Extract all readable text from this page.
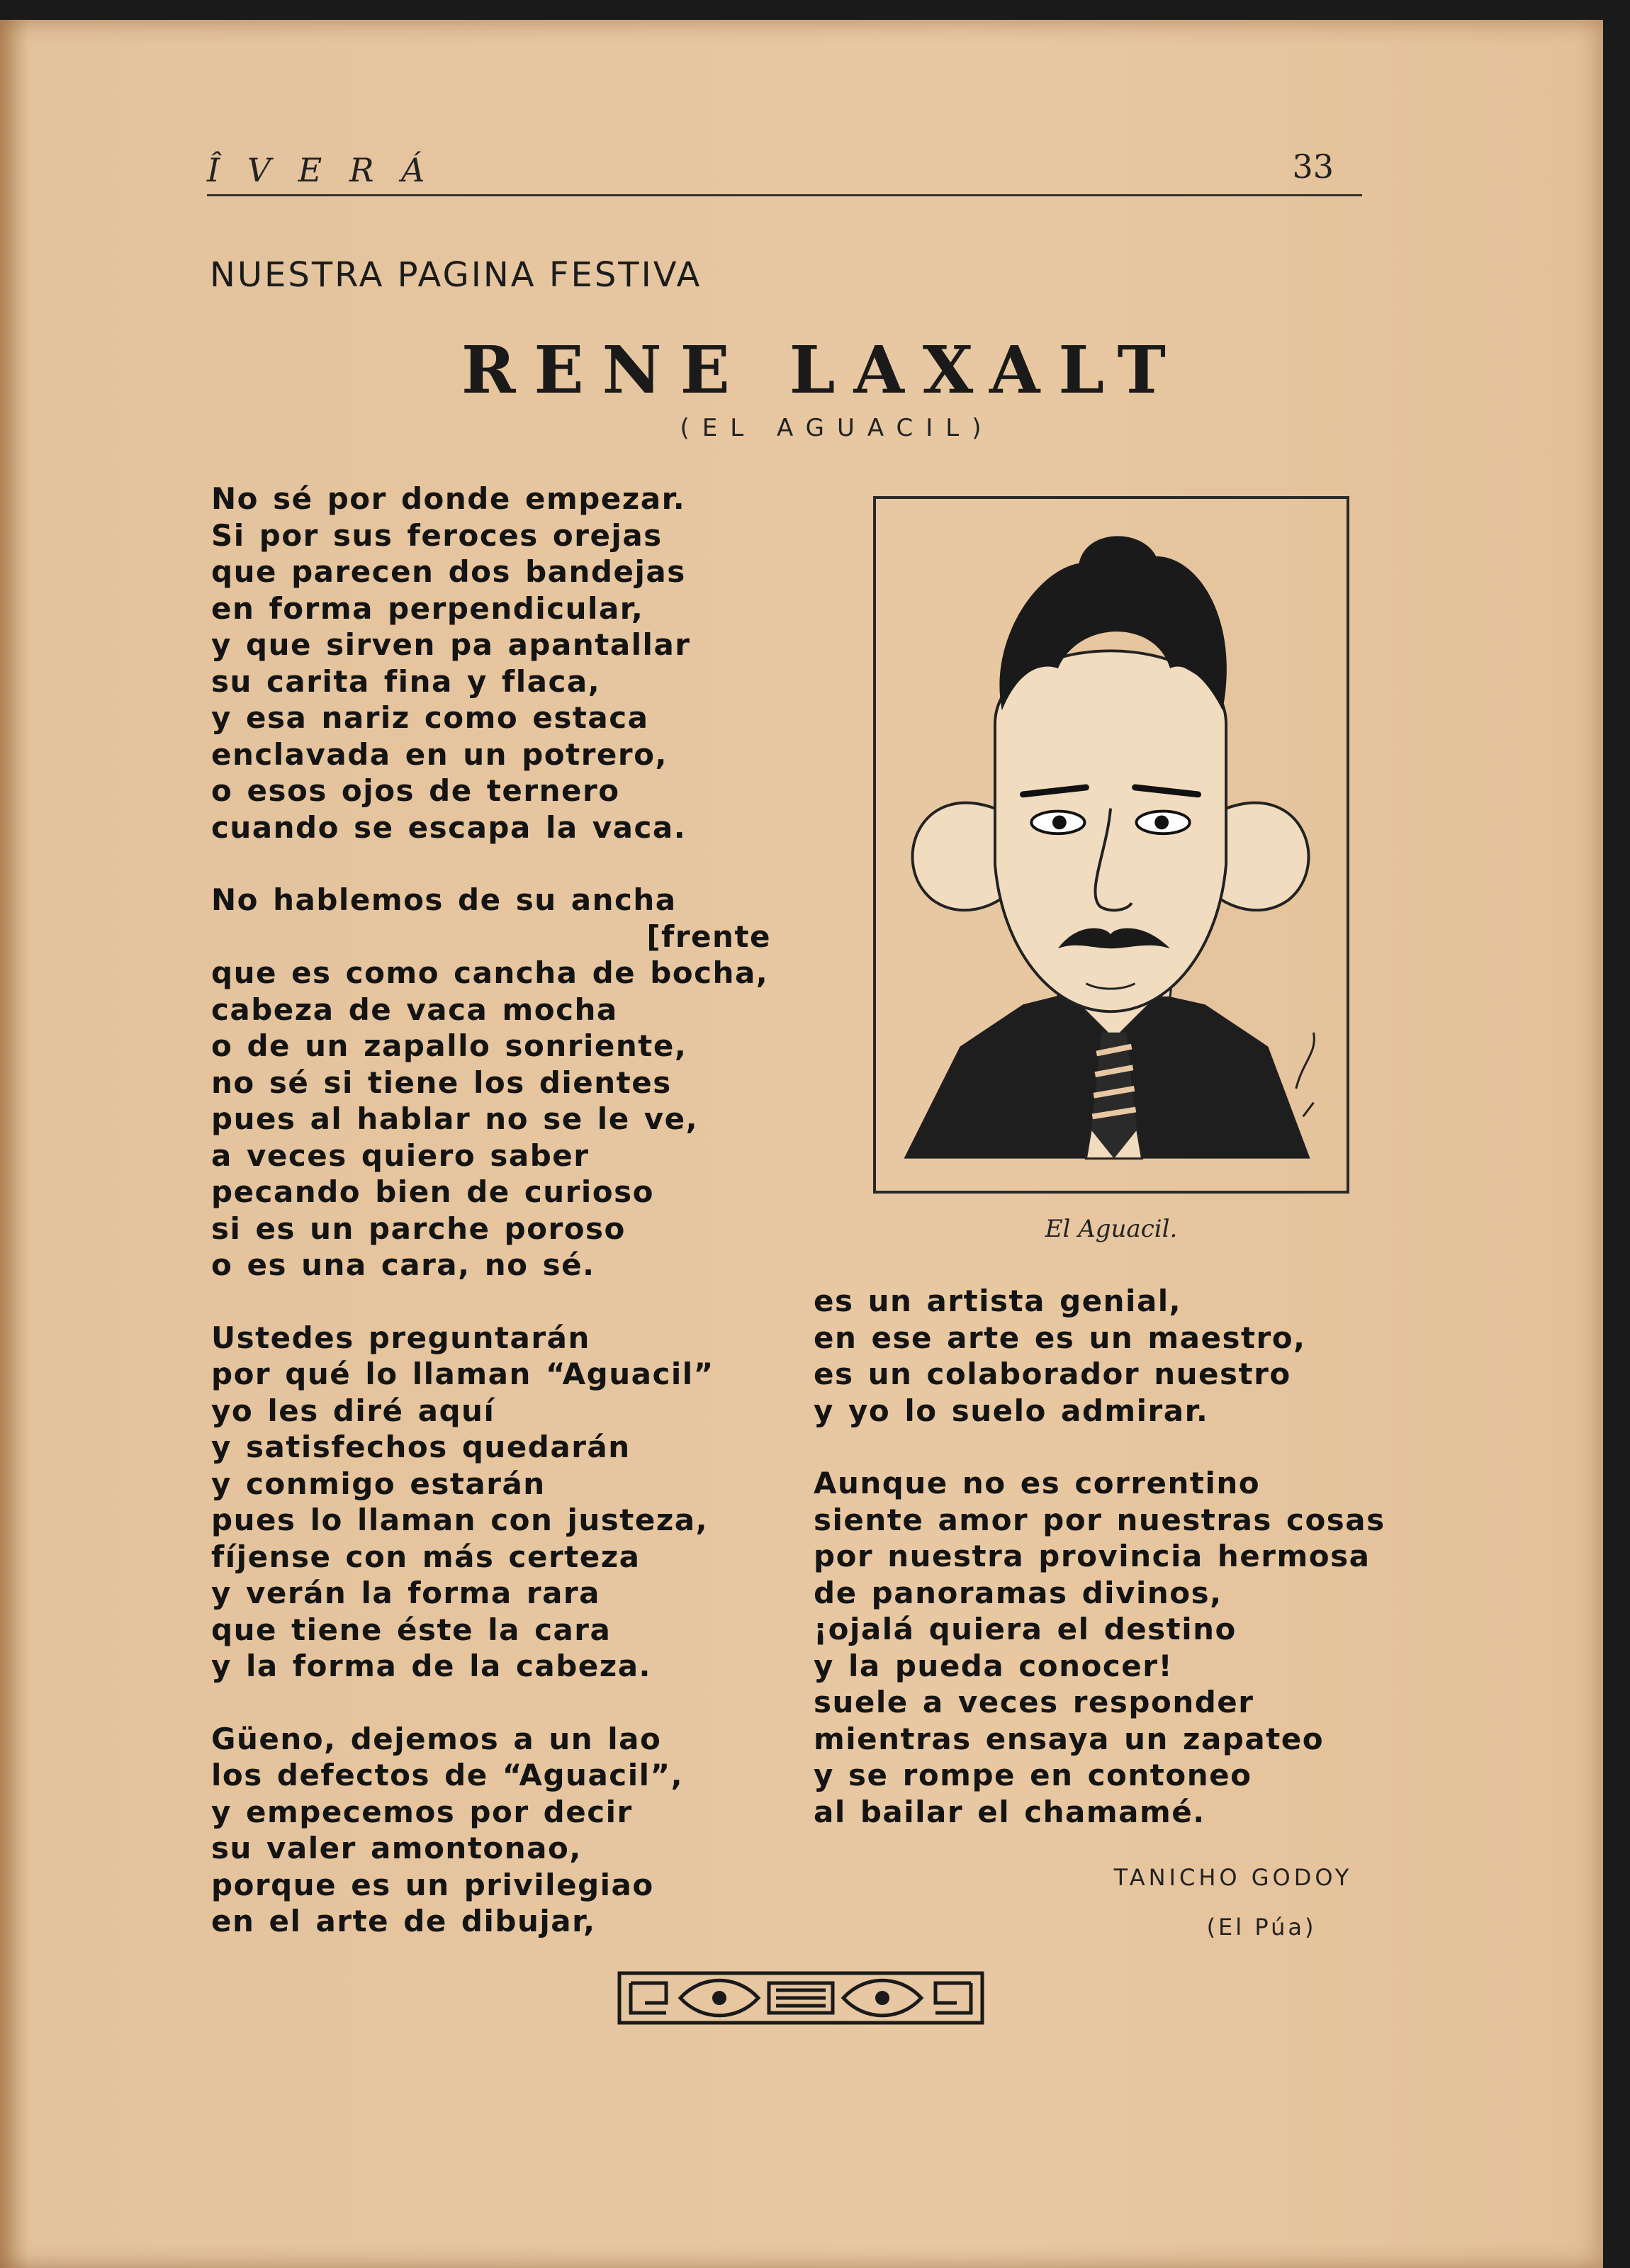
Î V E R Á	33
NUESTRA PAGINA FESTIVA
RENE LAXALT
(EL AGUACIL)
No sé por donde empezar.
Si por sus feroces orejas
que parecen dos bandejas
en forma perpendicular,
y que sirven pa apantallar
su carita fina y flaca,
y esa nariz como estaca
enclavada en un potrero,
o esos ojos de ternero
cuando se escapa la vaca.
No hablemos de su ancha
[frente
que es como cancha de bocha,
cabeza de vaca mocha
o de un zapallo sonriente,
no sé si tiene los dientes
pues al hablar no se le ve,
a veces quiero saber
pecando bien de curioso
si es un parche poroso
o es una cara, no sé.
Ustedes preguntarán
por qué lo llaman “Aguacil”
yo les diré aquí
y satisfechos quedarán
y conmigo estarán
pues lo llaman con justeza,
fíjense con más certeza
y verán la forma rara
que tiene éste la cara
y la forma de la cabeza.
Güeno, dejemos a un lao
los defectos de “Aguacil”,
y empecemos por decir
su valer amontonao,
porque es un privilegiao
en el arte de dibujar,
El Aguacil.
es un artista genial,
en ese arte es un maestro,
es un colaborador nuestro
y yo lo suelo admirar.
Aunque no es correntino
siente amor por nuestras cosas
por nuestra provincia hermosa
de panoramas divinos,
¡ojalá quiera el destino
y la pueda conocer!
suele a veces responder
mientras ensaya un zapateo
y se rompe en contoneo
al bailar el chamamé.
TANICHO GODOY
(El Púa)
